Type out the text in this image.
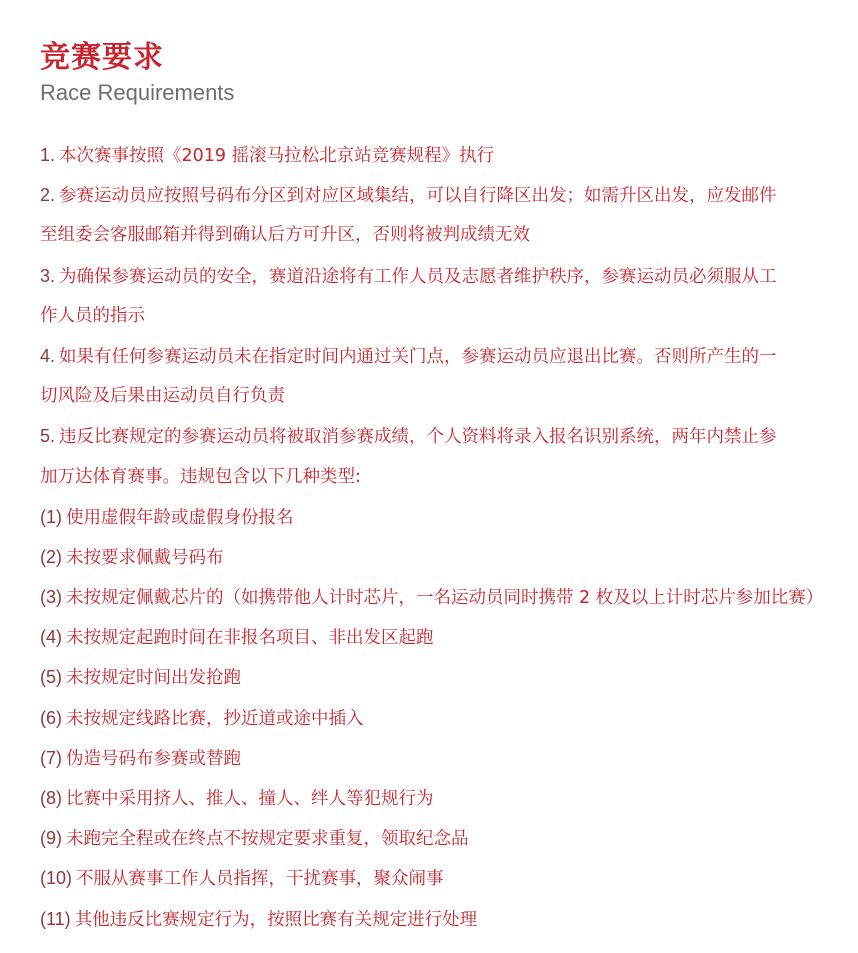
竞赛要求
Race Requirements
1. 本次赛事按照《2019 摇滚马拉松北京站竞赛规程》执行
2. 参赛运动员应按照号码布分区到对应区域集结，可以自行降区出发；如需升区出发，应发邮件
至组委会客服邮箱并得到确认后方可升区，否则将被判成绩无效
3. 为确保参赛运动员的安全，赛道沿途将有工作人员及志愿者维护秩序，参赛运动员必须服从工
作人员的指示
4. 如果有任何参赛运动员未在指定时间内通过关门点，参赛运动员应退出比赛。否则所产生的一
切风险及后果由运动员自行负责
5. 违反比赛规定的参赛运动员将被取消参赛成绩，个人资料将录入报名识别系统，两年内禁止参
加万达体育赛事。违规包含以下几种类型:
(1) 使用虚假年龄或虚假身份报名
(2) 未按要求佩戴号码布
(3) 未按规定佩戴芯片的（如携带他人计时芯片，一名运动员同时携带 2 枚及以上计时芯片参加比赛）
(4) 未按规定起跑时间在非报名项目、非出发区起跑
(5) 未按规定时间出发抢跑
(6) 未按规定线路比赛，抄近道或途中插入
(7) 伪造号码布参赛或替跑
(8) 比赛中采用挤人、推人、撞人、绊人等犯规行为
(9) 未跑完全程或在终点不按规定要求重复，领取纪念品
(10) 不服从赛事工作人员指挥，干扰赛事，聚众闹事
(11) 其他违反比赛规定行为，按照比赛有关规定进行处理
